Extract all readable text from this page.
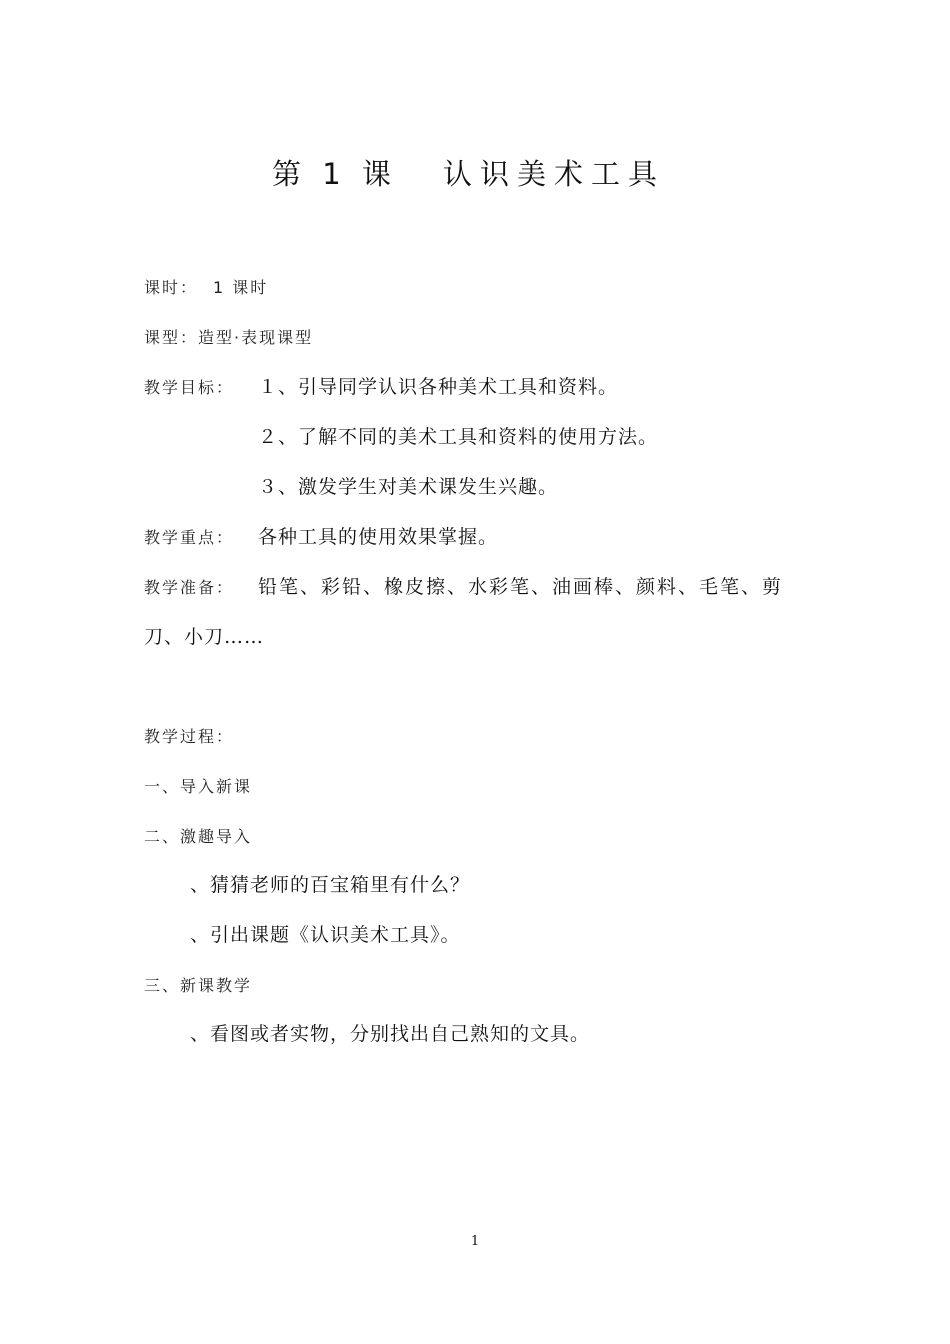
第 1 课 认识美术工具
课时： 1 课时
课型：造型·表现课型
教学目标： １、引导同学认识各种美术工具和资料。
２、了解不同的美术工具和资料的使用方法。
３、激发学生对美术课发生兴趣。
教学重点： 各种工具的使用效果掌握。
教学准备： 铅笔、彩铅、橡皮擦、水彩笔、油画棒、颜料、毛笔、剪
刀、小刀……
教学过程：
一、导入新课
二、激趣导入
、猜猜老师的百宝箱里有什么？
、引出课题《认识美术工具》。
三、新课教学
、看图或者实物，分别找出自己熟知的文具。
1
